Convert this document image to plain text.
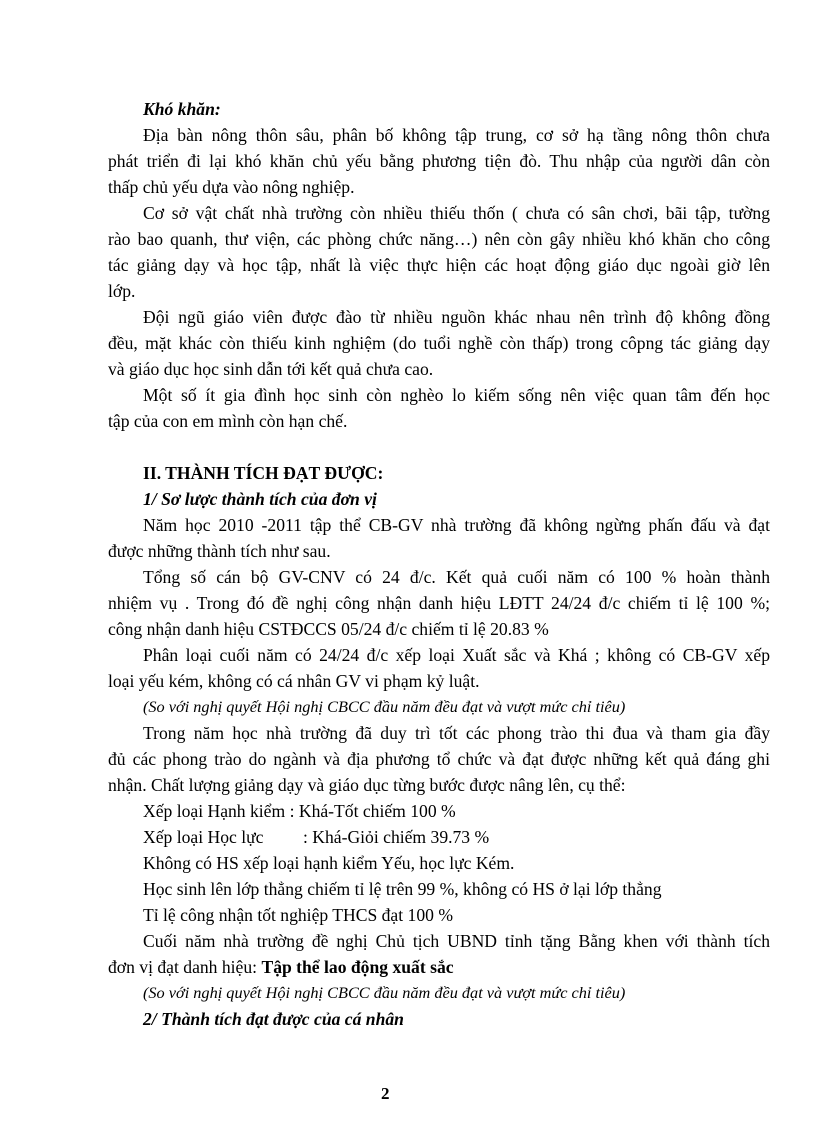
Khó khăn:
Địa bàn nông thôn sâu, phân bố không tập trung, cơ sở hạ tầng nông thôn chưa
phát triển đi lại khó khăn chủ yếu bằng phương tiện đò. Thu nhập của người dân còn
thấp chủ yếu dựa vào nông nghiệp.
Cơ sở vật chất nhà trường còn nhiều thiếu thốn ( chưa có sân chơi, bãi tập, tường
rào bao quanh, thư viện, các phòng chức năng…) nên còn gây nhiều khó khăn cho công
tác giảng dạy và học tập, nhất là việc thực hiện các hoạt động giáo dục ngoài giờ lên
lớp.
Đội ngũ giáo viên được đào từ nhiều nguồn khác nhau nên trình độ không đồng
đều, mặt khác còn thiếu kinh nghiệm (do tuổi nghề còn thấp) trong côpng tác giảng dạy
và giáo dục học sinh dẫn tới kết quả chưa cao.
Một số ít gia đình học sinh còn nghèo lo kiếm sống nên việc quan tâm đến học
tập của con em mình còn hạn chế.
II. THÀNH TÍCH ĐẠT ĐƯỢC:
1/ Sơ lược thành tích của đơn vị
Năm học 2010 -2011 tập thể CB-GV nhà trường đã không ngừng phấn đấu và đạt
được những thành tích như sau.
Tổng số cán bộ GV-CNV có 24 đ/c. Kết quả cuối năm có 100 % hoàn thành
nhiệm vụ . Trong đó đề nghị công nhận danh hiệu LĐTT 24/24 đ/c chiếm tỉ lệ 100 %;
công nhận danh hiệu CSTĐCCS 05/24 đ/c chiếm tỉ lệ 20.83 %
Phân loại cuối năm có 24/24 đ/c xếp loại Xuất sắc và Khá ; không có CB-GV xếp
loại yếu kém, không có cá nhân GV vi phạm kỷ luật.
(So với nghị quyết Hội nghị CBCC đầu năm đều đạt và vượt mức chỉ tiêu)
Trong năm học nhà trường đã duy trì tốt các phong trào thi đua và tham gia đầy
đủ các phong trào do ngành và địa phương tổ chức và đạt được những kết quả đáng ghi
nhận. Chất lượng giảng dạy và giáo dục từng bước được nâng lên, cụ thể:
Xếp loại Hạnh kiểm : Khá-Tốt chiếm 100 %
Xếp loại Học lực : Khá-Giỏi chiếm 39.73 %
Không có HS xếp loại hạnh kiểm Yếu, học lực Kém.
Học sinh lên lớp thẳng chiếm tỉ lệ trên 99 %, không có HS ở lại lớp thẳng
Tỉ lệ công nhận tốt nghiệp THCS đạt 100 %
Cuối năm nhà trường đề nghị Chủ tịch UBND tỉnh tặng Bằng khen với thành tích
đơn vị đạt danh hiệu: Tập thể lao động xuất sắc
(So với nghị quyết Hội nghị CBCC đầu năm đều đạt và vượt mức chỉ tiêu)
2/ Thành tích đạt được của cá nhân
2
